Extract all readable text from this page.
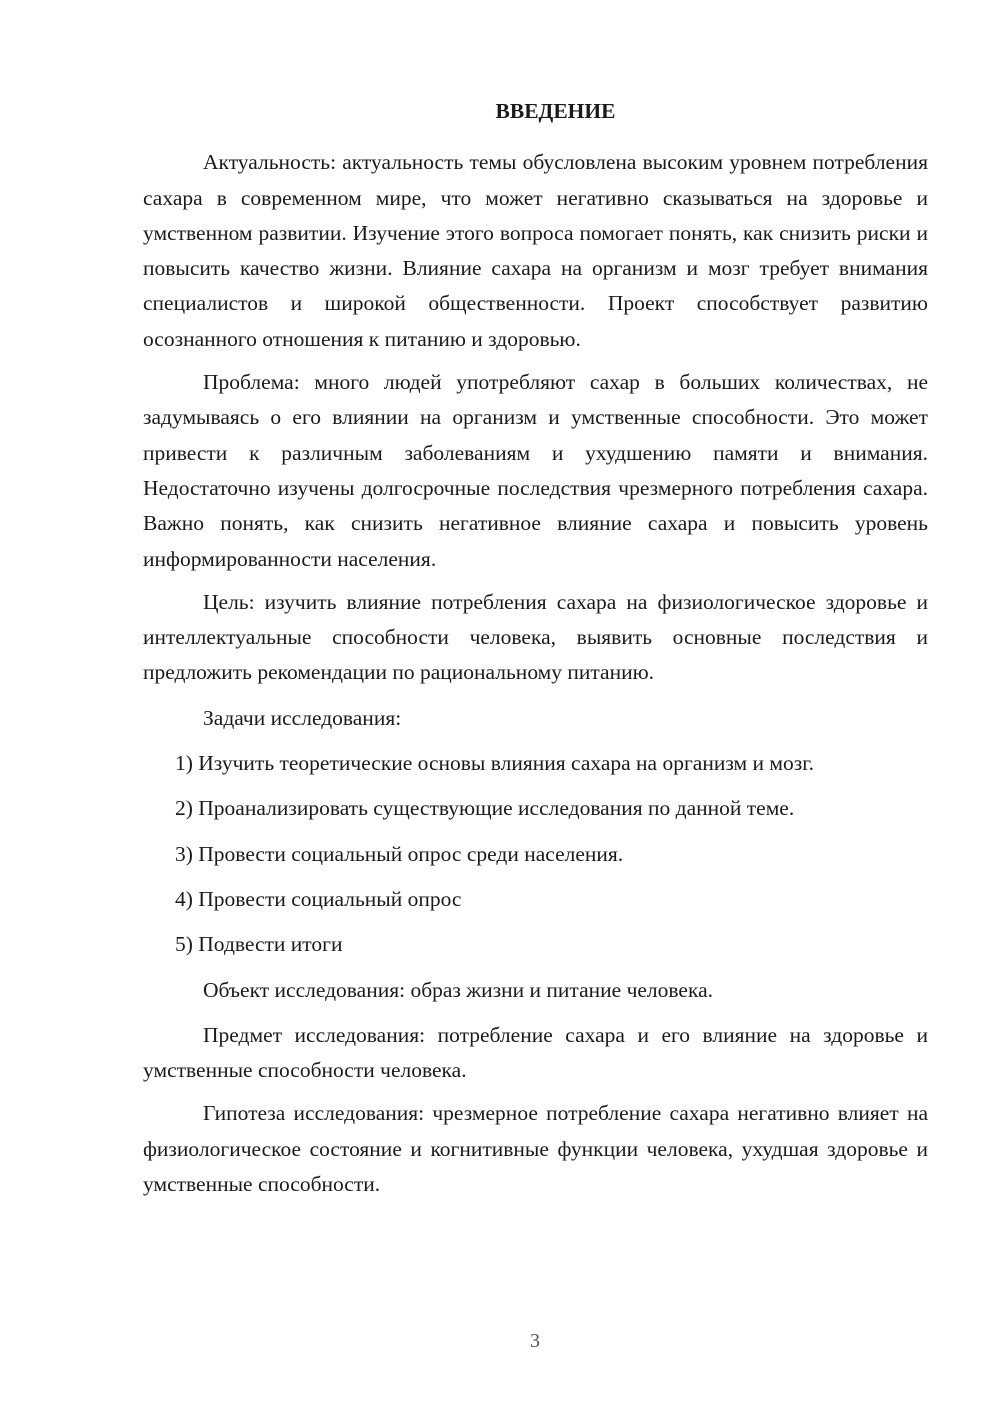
ВВЕДЕНИЕ

Актуальность: актуальность темы обусловлена высоким уровнем потребления сахара в современном мире, что может негативно сказываться на здоровье и умственном развитии. Изучение этого вопроса помогает понять, как снизить риски и повысить качество жизни. Влияние сахара на организм и мозг требует внимания специалистов и широкой общественности. Проект способствует развитию осознанного отношения к питанию и здоровью.

Проблема: много людей употребляют сахар в больших количествах, не задумываясь о его влиянии на организм и умственные способности. Это может привести к различным заболеваниям и ухудшению памяти и внимания. Недостаточно изучены долгосрочные последствия чрезмерного потребления сахара. Важно понять, как снизить негативное влияние сахара и повысить уровень информированности населения.

Цель: изучить влияние потребления сахара на физиологическое здоровье и интеллектуальные способности человека, выявить основные последствия и предложить рекомендации по рациональному питанию.

Задачи исследования:
1) Изучить теоретические основы влияния сахара на организм и мозг.
2) Проанализировать существующие исследования по данной теме.
3) Провести социальный опрос среди населения.
4) Провести социальный опрос
5) Подвести итоги

Объект исследования: образ жизни и питание человека.

Предмет исследования: потребление сахара и его влияние на здоровье и умственные способности человека.

Гипотеза исследования: чрезмерное потребление сахара негативно влияет на физиологическое состояние и когнитивные функции человека, ухудшая здоровье и умственные способности.

3
